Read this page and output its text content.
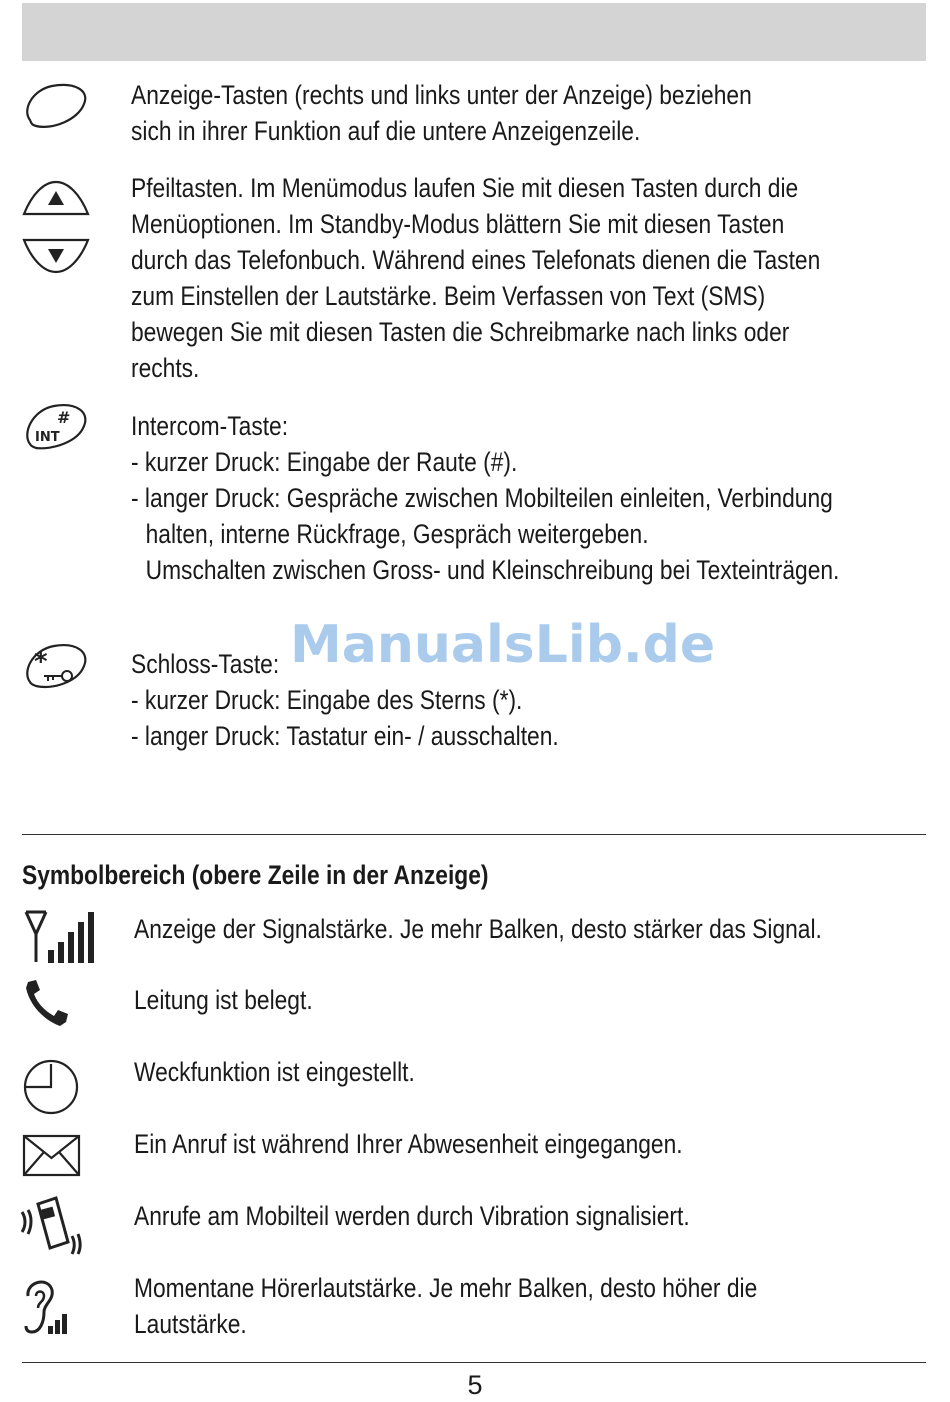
Anzeige-Tasten (rechts und links unter der Anzeige) beziehen
sich in ihrer Funktion auf die untere Anzeigenzeile.
Pfeiltasten. Im Menümodus laufen Sie mit diesen Tasten durch die
Menüoptionen. Im Standby-Modus blättern Sie mit diesen Tasten
durch das Telefonbuch. Während eines Telefonats dienen die Tasten
zum Einstellen der Lautstärke. Beim Verfassen von Text (SMS)
bewegen Sie mit diesen Tasten die Schreibmarke nach links oder
rechts.
#
INT	Intercom-Taste:
- kurzer Druck: Eingabe der Raute (#).
- langer Druck: Gespräche zwischen Mobilteilen einleiten, Verbindung
halten, interne Rückfrage, Gespräch weitergeben.
Umschalten zwischen Gross- und Kleinschreibung bei Texteinträgen.
*	Schloss-Taste:
- kurzer Druck: Eingabe des Sterns (*).
- langer Druck: Tastatur ein- / ausschalten.
ManualsLib.de
Symbolbereich (obere Zeile in der Anzeige)
Anzeige der Signalstärke. Je mehr Balken, desto stärker das Signal.
Leitung ist belegt.
Weckfunktion ist eingestellt.
Ein Anruf ist während Ihrer Abwesenheit eingegangen.
Anrufe am Mobilteil werden durch Vibration signalisiert.
Momentane Hörerlautstärke. Je mehr Balken, desto höher die
Lautstärke.
5
